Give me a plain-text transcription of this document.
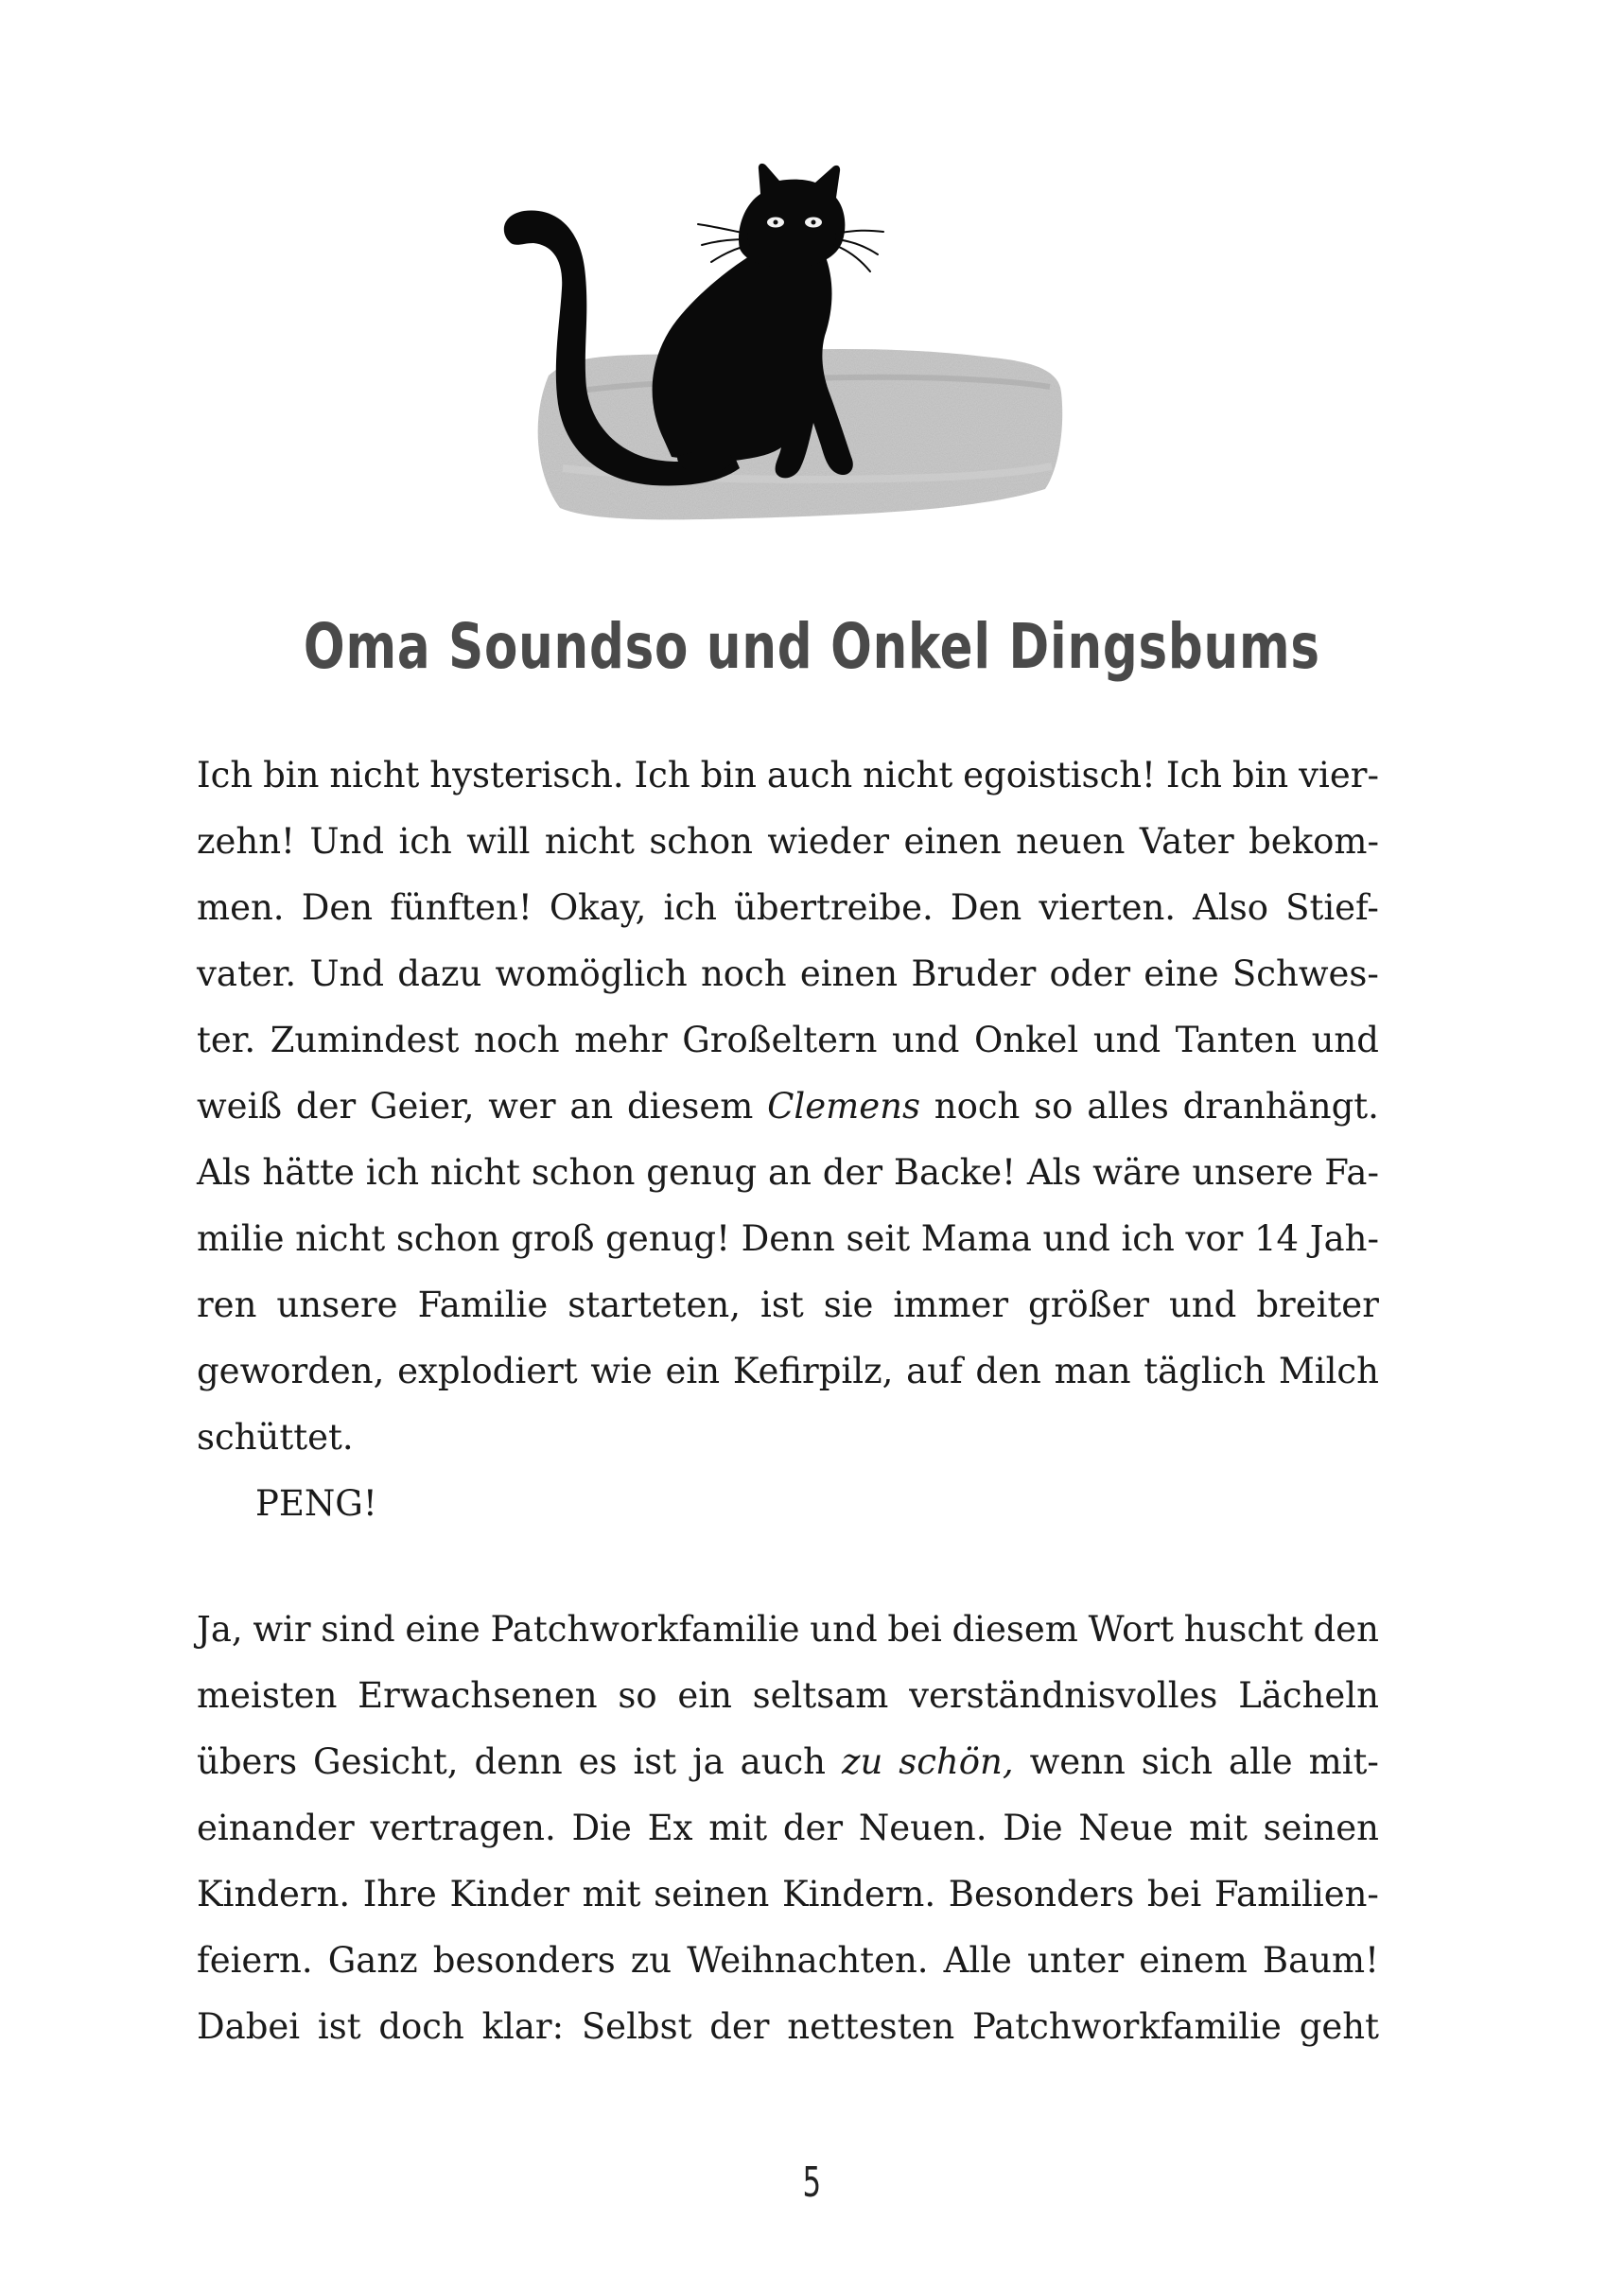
Oma Soundso und Onkel Dingsbums
Ich bin nicht hysterisch. Ich bin auch nicht egoistisch! Ich bin vier-
zehn! Und ich will nicht schon wieder einen neuen Vater bekom-
men. Den fünften! Okay, ich übertreibe. Den vierten. Also Stief-
vater. Und dazu womöglich noch einen Bruder oder eine Schwes-
ter. Zumindest noch mehr Großeltern und Onkel und Tanten und
weiß der Geier, wer an diesem Clemens noch so alles dranhängt.
Als hätte ich nicht schon genug an der Backe! Als wäre unsere Fa-
milie nicht schon groß genug! Denn seit Mama und ich vor 14 Jah-
ren unsere Familie starteten, ist sie immer größer und breiter
geworden, explodiert wie ein Kefirpilz, auf den man täglich Milch
schüttet.
PENG!
Ja, wir sind eine Patchworkfamilie und bei diesem Wort huscht den
meisten Erwachsenen so ein seltsam verständnisvolles Lächeln
übers Gesicht, denn es ist ja auch zu schön, wenn sich alle mit-
einander vertragen. Die Ex mit der Neuen. Die Neue mit seinen
Kindern. Ihre Kinder mit seinen Kindern. Besonders bei Familien-
feiern. Ganz besonders zu Weihnachten. Alle unter einem Baum!
Dabei ist doch klar: Selbst der nettesten Patchworkfamilie geht
5
